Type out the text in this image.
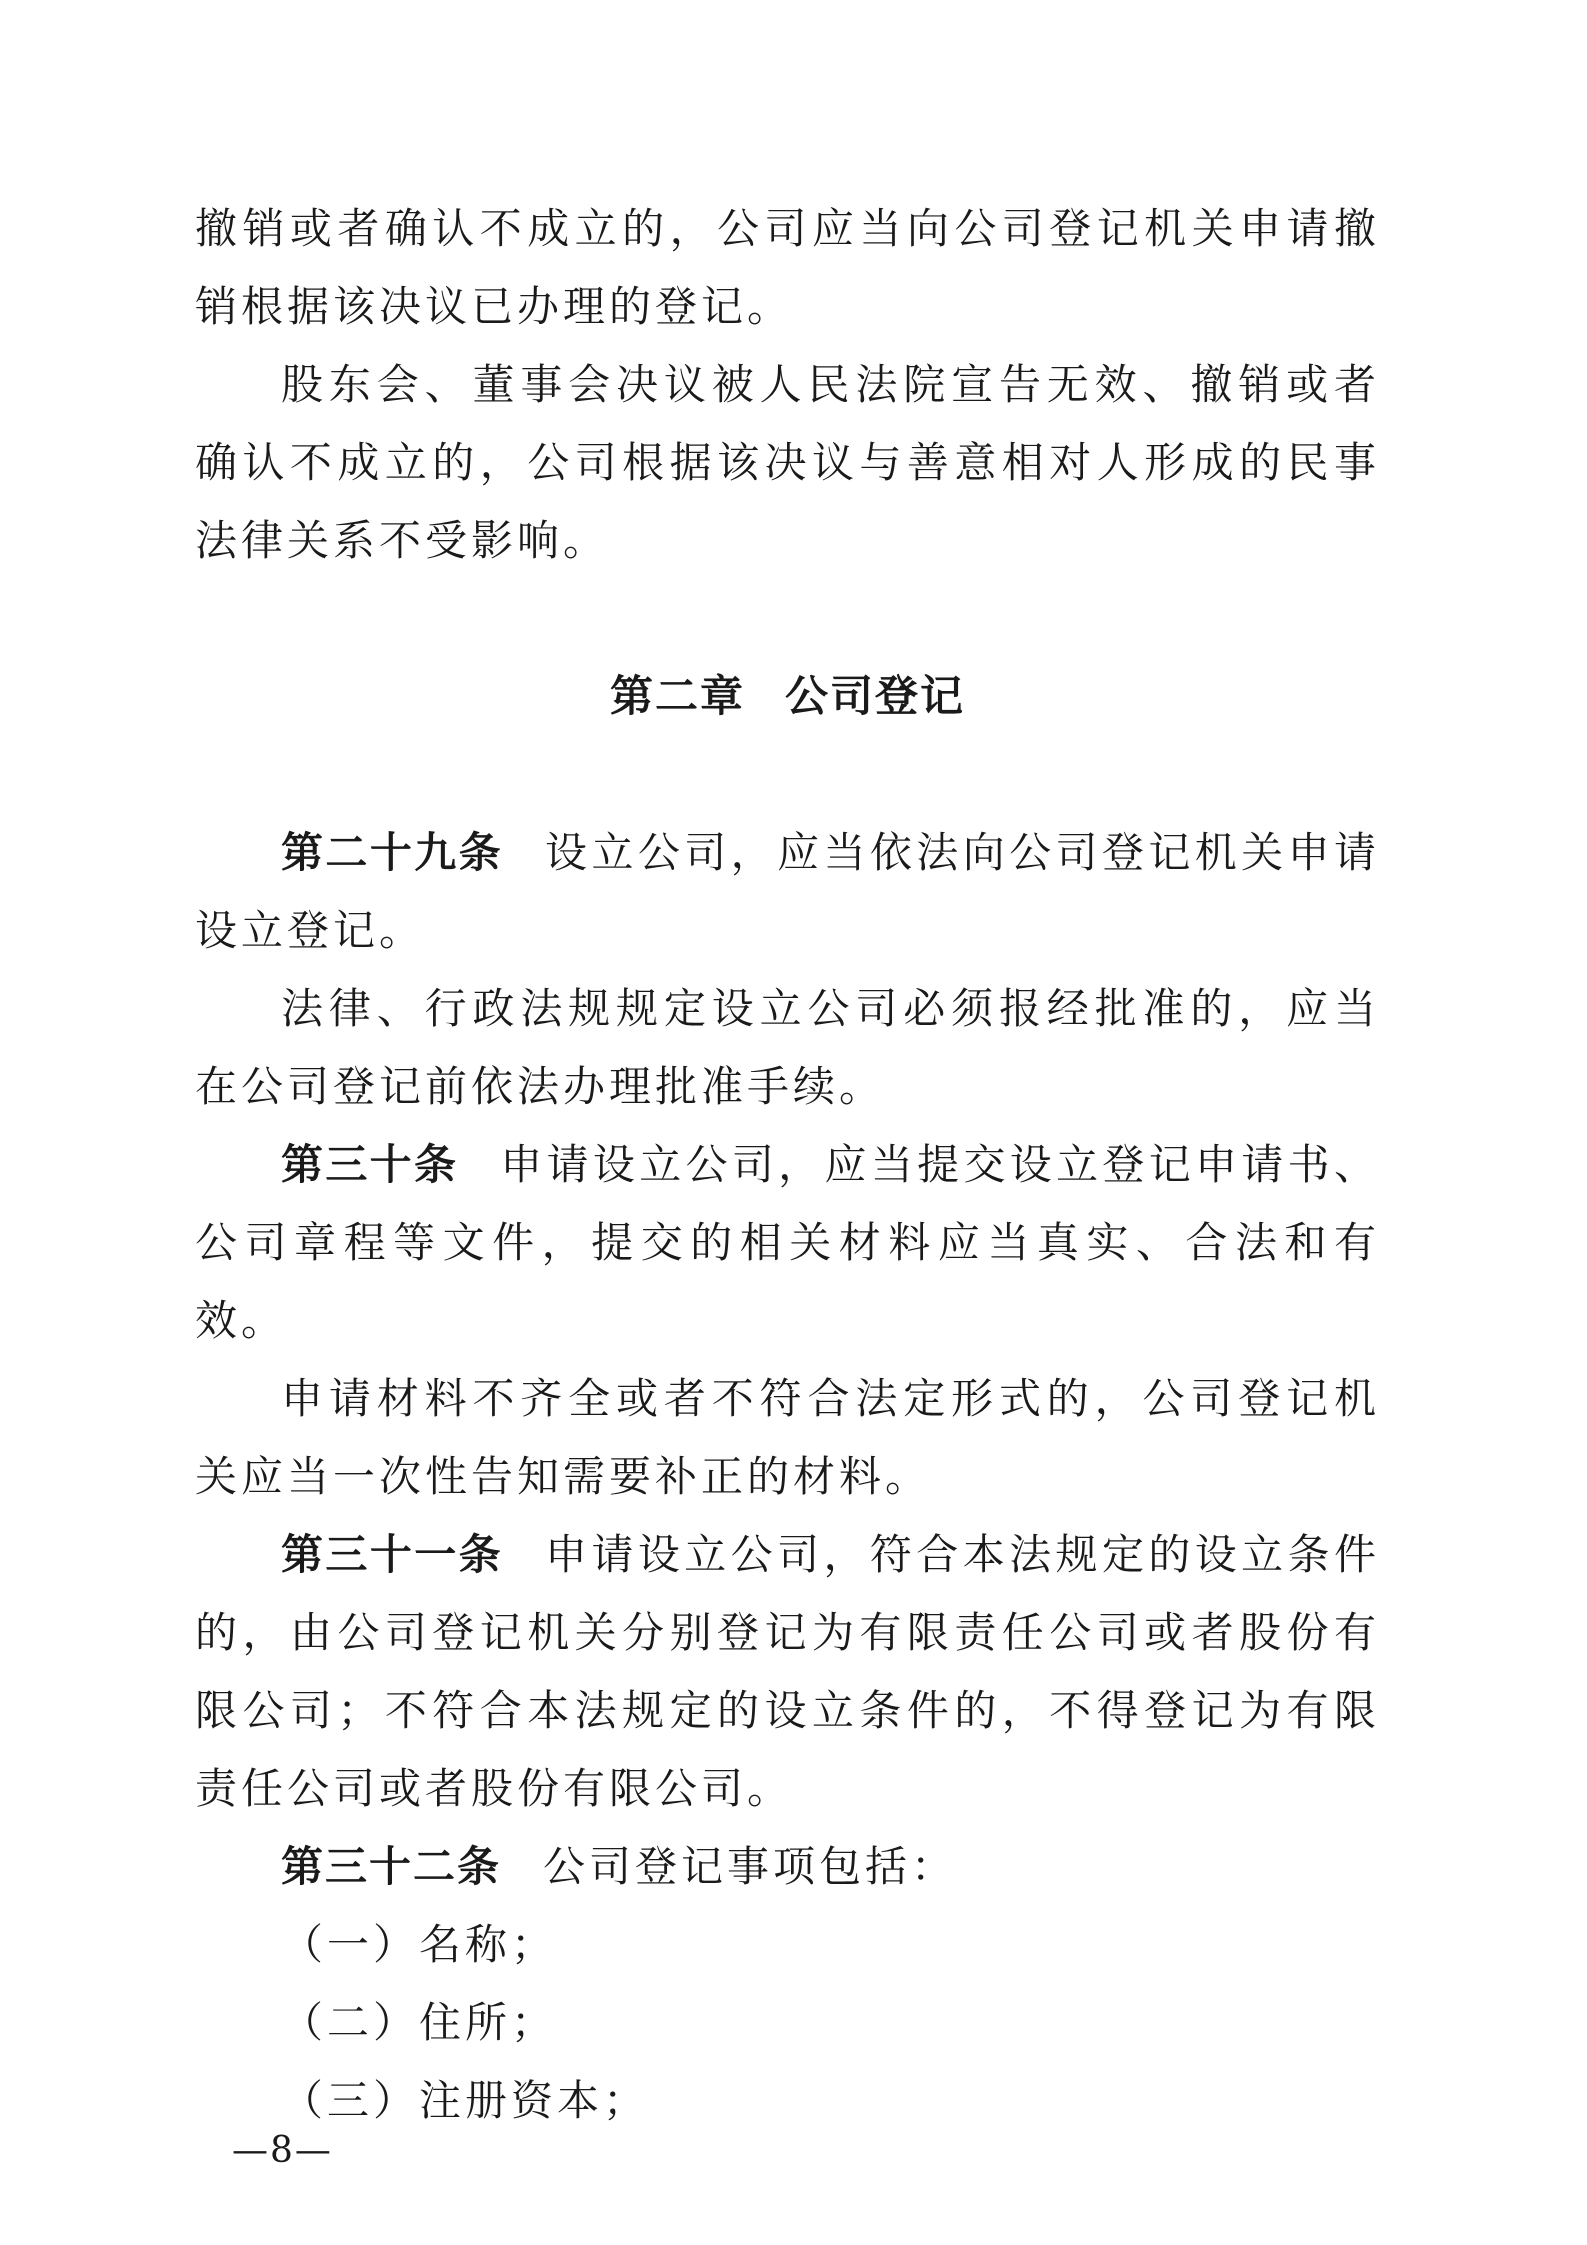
撤销或者确认不成立的，公司应当向公司登记机关申请撤销根据该决议已办理的登记。

股东会、董事会决议被人民法院宣告无效、撤销或者确认不成立的，公司根据该决议与善意相对人形成的民事法律关系不受影响。

第二章 公司登记

第二十九条 设立公司，应当依法向公司登记机关申请设立登记。

法律、行政法规规定设立公司必须报经批准的，应当在公司登记前依法办理批准手续。

第三十条 申请设立公司，应当提交设立登记申请书、公司章程等文件，提交的相关材料应当真实、合法和有效。

申请材料不齐全或者不符合法定形式的，公司登记机关应当一次性告知需要补正的材料。

第三十一条 申请设立公司，符合本法规定的设立条件的，由公司登记机关分别登记为有限责任公司或者股份有限公司；不符合本法规定的设立条件的，不得登记为有限责任公司或者股份有限公司。

第三十二条 公司登记事项包括：

（一）名称；

（二）住所；

（三）注册资本；

—8—
